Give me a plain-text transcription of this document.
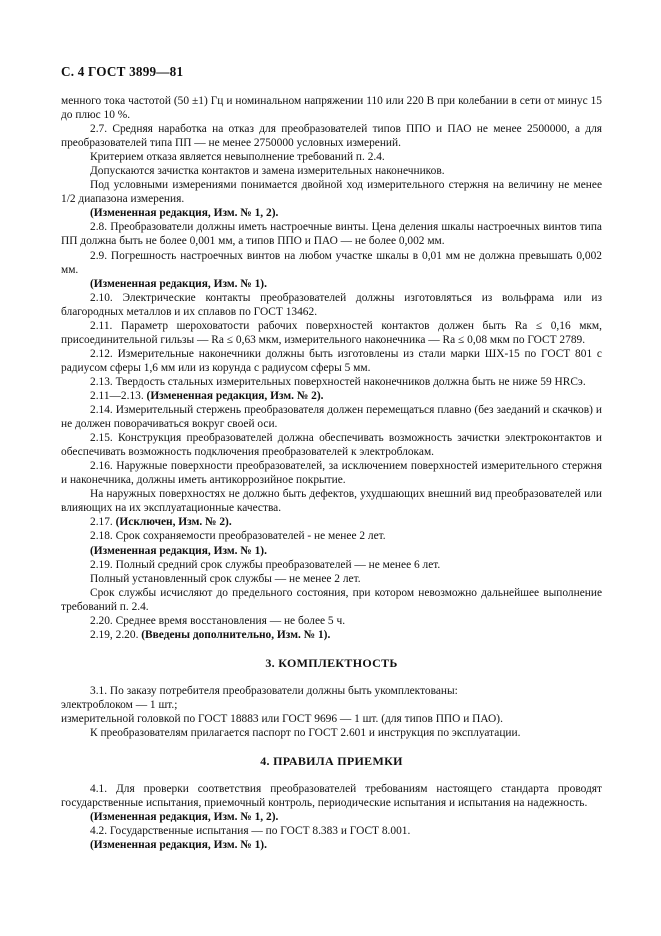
С. 4 ГОСТ 3899—81

менного тока частотой (50 ±1) Гц и номинальном напряжении 110 или 220 В при колебании в сети от минус 15 до плюс 10 %.

2.7. Средняя наработка на отказ для преобразователей типов ППО и ПАО не менее 2500000, а для преобразователей типа ПП — не менее 2750000 условных измерений.

Критерием отказа является невыполнение требований п. 2.4.

Допускаются зачистка контактов и замена измерительных наконечников.

Под условными измерениями понимается двойной ход измерительного стержня на величину не менее 1/2 диапазона измерения.

(Измененная редакция, Изм. № 1, 2).

2.8. Преобразователи должны иметь настроечные винты. Цена деления шкалы настроечных винтов типа ПП должна быть не более 0,001 мм, а типов ППО и ПАО — не более 0,002 мм.

2.9. Погрешность настроечных винтов на любом участке шкалы в 0,01 мм не должна превышать 0,002 мм.

(Измененная редакция, Изм. № 1).

2.10. Электрические контакты преобразователей должны изготовляться из вольфрама или из благородных металлов и их сплавов по ГОСТ 13462.

2.11. Параметр шероховатости рабочих поверхностей контактов должен быть Ra ≤ 0,16 мкм, присоединительной гильзы — Ra ≤ 0,63 мкм, измерительного наконечника — Ra ≤ 0,08 мкм по ГОСТ 2789.

2.12. Измерительные наконечники должны быть изготовлены из стали марки ШХ-15 по ГОСТ 801 с радиусом сферы 1,6 мм или из корунда с радиусом сферы 5 мм.

2.13. Твердость стальных измерительных поверхностей наконечников должна быть не ниже 59 HRCэ.

2.11—2.13. (Измененная редакция, Изм. № 2).

2.14. Измерительный стержень преобразователя должен перемещаться плавно (без заеданий и скачков) и не должен поворачиваться вокруг своей оси.

2.15. Конструкция преобразователей должна обеспечивать возможность зачистки электроконтактов и обеспечивать возможность подключения преобразователей к электроблокам.

2.16. Наружные поверхности преобразователей, за исключением поверхностей измерительного стержня и наконечника, должны иметь антикоррозийное покрытие.

На наружных поверхностях не должно быть дефектов, ухудшающих внешний вид преобразователей или влияющих на их эксплуатационные качества.

2.17. (Исключен, Изм. № 2).

2.18. Срок сохраняемости преобразователей - не менее 2 лет.

(Измененная редакция, Изм. № 1).

2.19. Полный средний срок службы преобразователей — не менее 6 лет.

Полный установленный срок службы — не менее 2 лет.

Срок службы исчисляют до предельного состояния, при котором невозможно дальнейшее выполнение требований п. 2.4.

2.20. Среднее время восстановления — не более 5 ч.

2.19, 2.20. (Введены дополнительно, Изм. № 1).

3. КОМПЛЕКТНОСТЬ

3.1. По заказу потребителя преобразователи должны быть укомплектованы:

электроблоком — 1 шт.;

измерительной головкой по ГОСТ 18883 или ГОСТ 9696 — 1 шт. (для типов ППО и ПАО).

К преобразователям прилагается паспорт по ГОСТ 2.601 и инструкция по эксплуатации.

4. ПРАВИЛА ПРИЕМКИ

4.1. Для проверки соответствия преобразователей требованиям настоящего стандарта проводят государственные испытания, приемочный контроль, периодические испытания и испытания на надежность.

(Измененная редакция, Изм. № 1, 2).

4.2. Государственные испытания — по ГОСТ 8.383 и ГОСТ 8.001.

(Измененная редакция, Изм. № 1).
